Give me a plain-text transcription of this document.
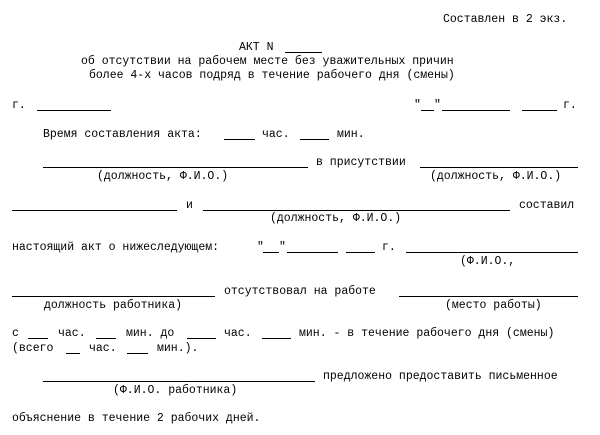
Составлен в 2 экз.
АКТ N
об отсутствии на рабочем месте без уважительных причин
более 4-х часов подряд в течение рабочего дня (смены)
г.	" "	г.
Время составления акта:	час.	мин.
в присутствии
(должность, Ф.И.О.)	(должность, Ф.И.О.)
и	составил
(должность, Ф.И.О.)
настоящий акт о нижеследующем:	" "	г.
(Ф.И.О.,
отсутствовал на работе
должность работника)	(место работы)
с	час.	мин. до	час.	мин. - в течение рабочего дня (смены)
(всего	час.	мин.).
предложено предоставить письменное
(Ф.И.О. работника)
объяснение в течение 2 рабочих дней.
